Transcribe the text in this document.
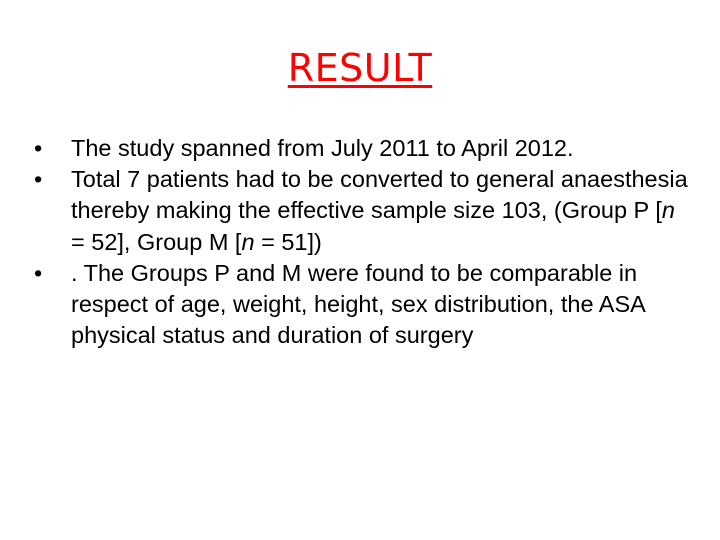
RESULT
•	The study spanned from July 2011 to April 2012.
•	Total 7 patients had to be converted to general anaesthesia thereby making the effective sample size 103, (Group P [n = 52], Group M [n = 51])
•	. The Groups P and M were found to be comparable in respect of age, weight, height, sex distribution, the ASA physical status and duration of surgery
